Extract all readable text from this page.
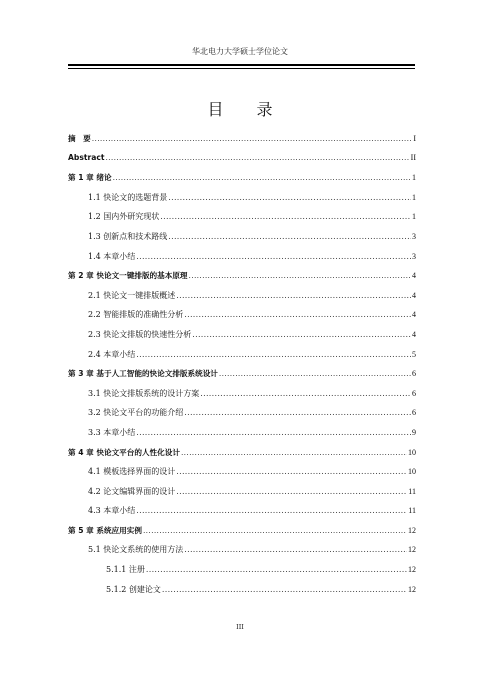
华北电力大学硕士学位论文
目 录
摘　要 .....	I
Abstract .....	II
第 1 章 绪论 .....	1
1.1 快论文的选题背景 .....	1
1.2 国内外研究现状 .....	1
1.3 创新点和技术路线 .....	3
1.4 本章小结 .....	3
第 2 章 快论文一键排版的基本原理 .....	4
2.1 快论文一键排版概述 .....	4
2.2 智能排版的准确性分析 .....	4
2.3 快论文排版的快速性分析 .....	4
2.4 本章小结 .....	5
第 3 章 基于人工智能的快论文排版系统设计 .....	6
3.1 快论文排版系统的设计方案 .....	6
3.2 快论文平台的功能介绍 .....	6
3.3 本章小结 .....	9
第 4 章 快论文平台的人性化设计 .....	10
4.1 模板选择界面的设计 .....	10
4.2 论文编辑界面的设计 .....	11
4.3 本章小结 .....	11
第 5 章 系统应用实例 .....	12
5.1 快论文系统的使用方法 .....	12
5.1.1 注册 .....	12
5.1.2 创建论文 .....	12
III
